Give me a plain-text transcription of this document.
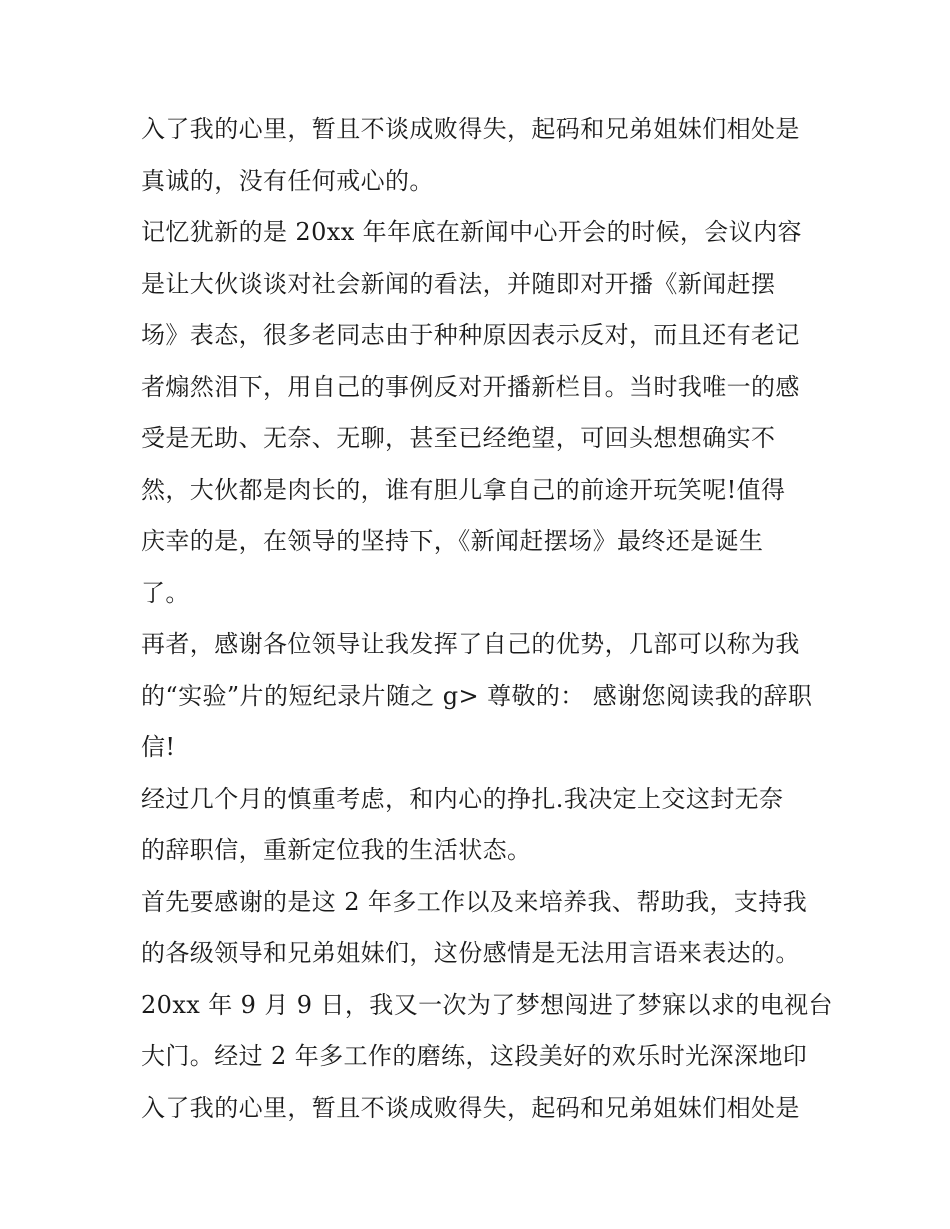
入了我的心里，暂且不谈成败得失，起码和兄弟姐妹们相处是
真诚的，没有任何戒心的。
记忆犹新的是 20xx 年年底在新闻中心开会的时候，会议内容
是让大伙谈谈对社会新闻的看法，并随即对开播《新闻赶摆
场》表态，很多老同志由于种种原因表示反对，而且还有老记
者煽然泪下，用自己的事例反对开播新栏目。当时我唯一的感
受是无助、无奈、无聊，甚至已经绝望，可回头想想确实不
然，大伙都是肉长的，谁有胆儿拿自己的前途开玩笑呢!值得
庆幸的是，在领导的坚持下，《新闻赶摆场》最终还是诞生
了。
再者，感谢各位领导让我发挥了自己的优势，几部可以称为我
的“实验”片的短纪录片随之 g> 尊敬的： 感谢您阅读我的辞职
信!
经过几个月的慎重考虑，和内心的挣扎.我决定上交这封无奈
的辞职信，重新定位我的生活状态。
首先要感谢的是这 2 年多工作以及来培养我、帮助我，支持我
的各级领导和兄弟姐妹们，这份感情是无法用言语来表达的。
20xx 年 9 月 9 日，我又一次为了梦想闯进了梦寐以求的电视台
大门。经过 2 年多工作的磨练，这段美好的欢乐时光深深地印
入了我的心里，暂且不谈成败得失，起码和兄弟姐妹们相处是
